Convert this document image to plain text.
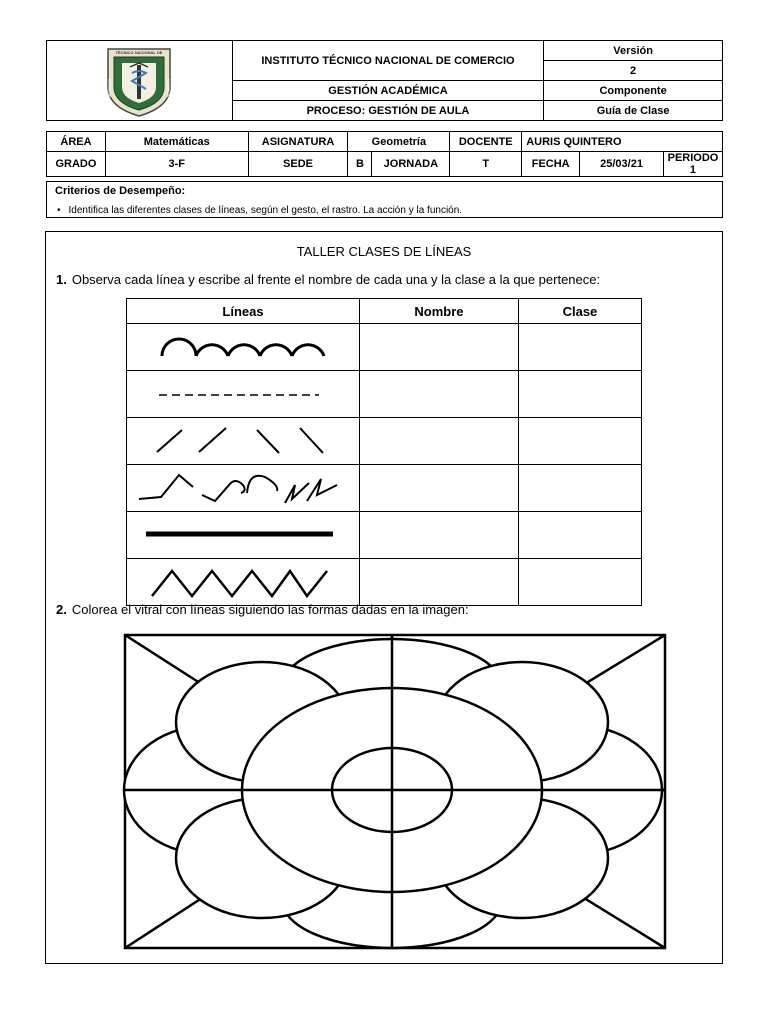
TÉCNICO NACIONAL DE
INSTITUTO COMERCIO	INSTITUTO TÉCNICO NACIONAL DE COMERCIO	Versión
		2
	GESTIÓN ACADÉMICA	Componente
	PROCESO: GESTIÓN DE AULA	Guía de Clase
ÁREA	Matemáticas	ASIGNATURA	Geometría		DOCENTE	AURIS QUINTERO		
GRADO	3-F	SEDE	B	JORNADA	T	FECHA	25/03/21	PERIODO 1
Criterios de Desempeño:
• Identifica las diferentes clases de líneas, según el gesto, el rastro. La acción y la función.
TALLER CLASES DE LÍNEAS
1. Observa cada línea y escribe al frente el nombre de cada una y la clase a la que pertenece:
Líneas	Nombre	Clase

2. Colorea el vitral con líneas siguiendo las formas dadas en la imagen:
